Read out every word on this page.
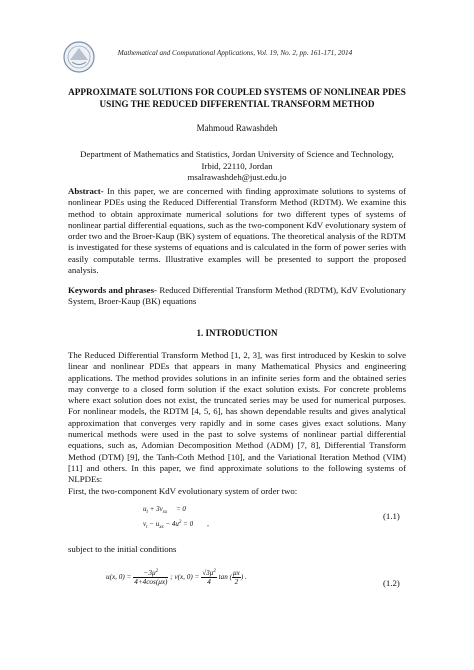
Mathematical and Computational Applications, Vol. 19, No. 2, pp. 161-171, 2014
APPROXIMATE SOLUTIONS FOR COUPLED SYSTEMS OF NONLINEAR PDES USING THE REDUCED DIFFERENTIAL TRANSFORM METHOD
Mahmoud Rawashdeh
Department of Mathematics and Statistics, Jordan University of Science and Technology, Irbid, 22110, Jordan
msalrawashdeh@just.edu.jo
Abstract- In this paper, we are concerned with finding approximate solutions to systems of nonlinear PDEs using the Reduced Differential Transform Method (RDTM). We examine this method to obtain approximate numerical solutions for two different types of systems of nonlinear partial differential equations, such as the two-component KdV evolutionary system of order two and the Broer-Kaup (BK) system of equations. The theoretical analysis of the RDTM is investigated for these systems of equations and is calculated in the form of power series with easily computable terms. Illustrative examples will be presented to support the proposed analysis.
Keywords and phrases- Reduced Differential Transform Method (RDTM), KdV Evolutionary System, Broer-Kaup (BK) equations
1. INTRODUCTION
The Reduced Differential Transform Method [1, 2, 3], was first introduced by Keskin to solve linear and nonlinear PDEs that appears in many Mathematical Physics and engineering applications. The method provides solutions in an infinite series form and the obtained series may converge to a closed form solution if the exact solution exists. For concrete problems where exact solution does not exist, the truncated series may be used for numerical purposes. For nonlinear models, the RDTM [4, 5, 6], has shown dependable results and gives analytical approximation that converges very rapidly and in some cases gives exact solutions. Many numerical methods were used in the past to solve systems of nonlinear partial differential equations, such as, Adomian Decomposition Method (ADM) [7, 8], Differential Transform Method (DTM) [9], the Tanh-Coth Method [10], and the Variational Iteration Method (VIM) [11] and others. In this paper, we find approximate solutions to the following systems of NLPDEs:
First, the two-component KdV evolutionary system of order two:
$u_t + 3v_{xx}$     = 0
$v_t - u_{xx} - 4u^2 = 0$        ,
(1.1)
subject to the initial conditions
u(x, $0) = \frac{-3\mu^2}{4+4\cos(\mu x)}$ ; v(x, $0) = \frac{√3\mu^2}{4}$ tan ( $\frac{\mu x}{2}$ ) .
(1.2)
